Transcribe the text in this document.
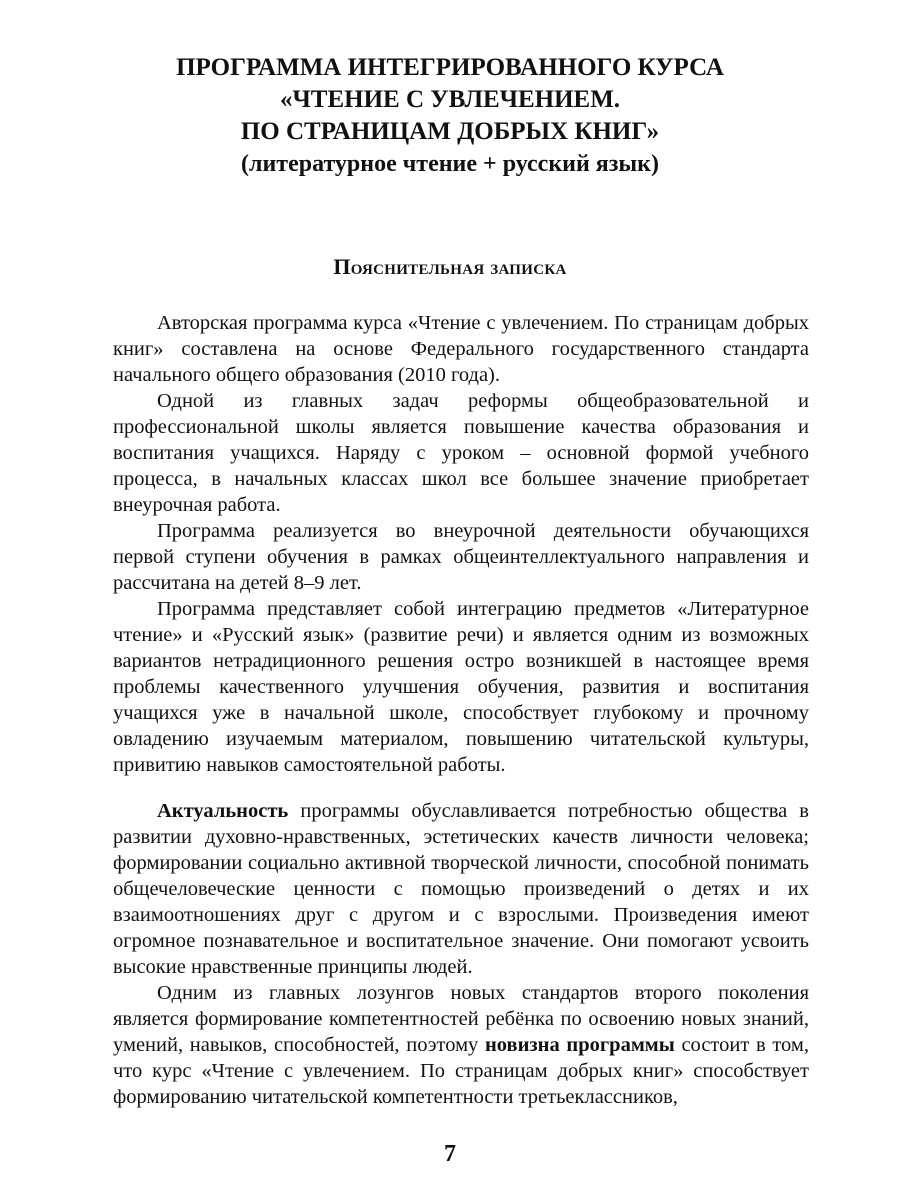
ПРОГРАММА ИНТЕГРИРОВАННОГО КУРСА
«ЧТЕНИЕ С УВЛЕЧЕНИЕМ.
ПО СТРАНИЦАМ ДОБРЫХ КНИГ»
(литературное чтение + русский язык)
Пояснительная записка

Авторская программа курса «Чтение с увлечением. По страницам добрых книг» составлена на основе Федерального государственного стандарта начального общего образования (2010 года).

Одной из главных задач реформы общеобразовательной и профессиональной школы является повышение качества образования и воспитания учащихся. Наряду с уроком – основной формой учебного процесса, в начальных классах школ все большее значение приобретает внеурочная работа.

Программа реализуется во внеурочной деятельности обучающихся первой ступени обучения в рамках общеинтеллектуального направления и рассчитана на детей 8–9 лет.

Программа представляет собой интеграцию предметов «Литературное чтение» и «Русский язык» (развитие речи) и является одним из возможных вариантов нетрадиционного решения остро возникшей в настоящее время проблемы качественного улучшения обучения, развития и воспитания учащихся уже в начальной школе, способствует глубокому и прочному овладению изучаемым материалом, повышению читательской культуры, привитию навыков самостоятельной работы.

Актуальность программы обуславливается потребностью общества в развитии духовно-нравственных, эстетических качеств личности человека; формировании социально активной творческой личности, способной понимать общечеловеческие ценности с помощью произведений о детях и их взаимоотношениях друг с другом и с взрослыми. Произведения имеют огромное познавательное и воспитательное значение. Они помогают усвоить высокие нравственные принципы людей.

Одним из главных лозунгов новых стандартов второго поколения является формирование компетентностей ребёнка по освоению новых знаний, умений, навыков, способностей, поэтому новизна программы состоит в том, что курс «Чтение с увлечением. По страницам добрых книг» способствует формированию читательской компетентности третьеклассников,

7
